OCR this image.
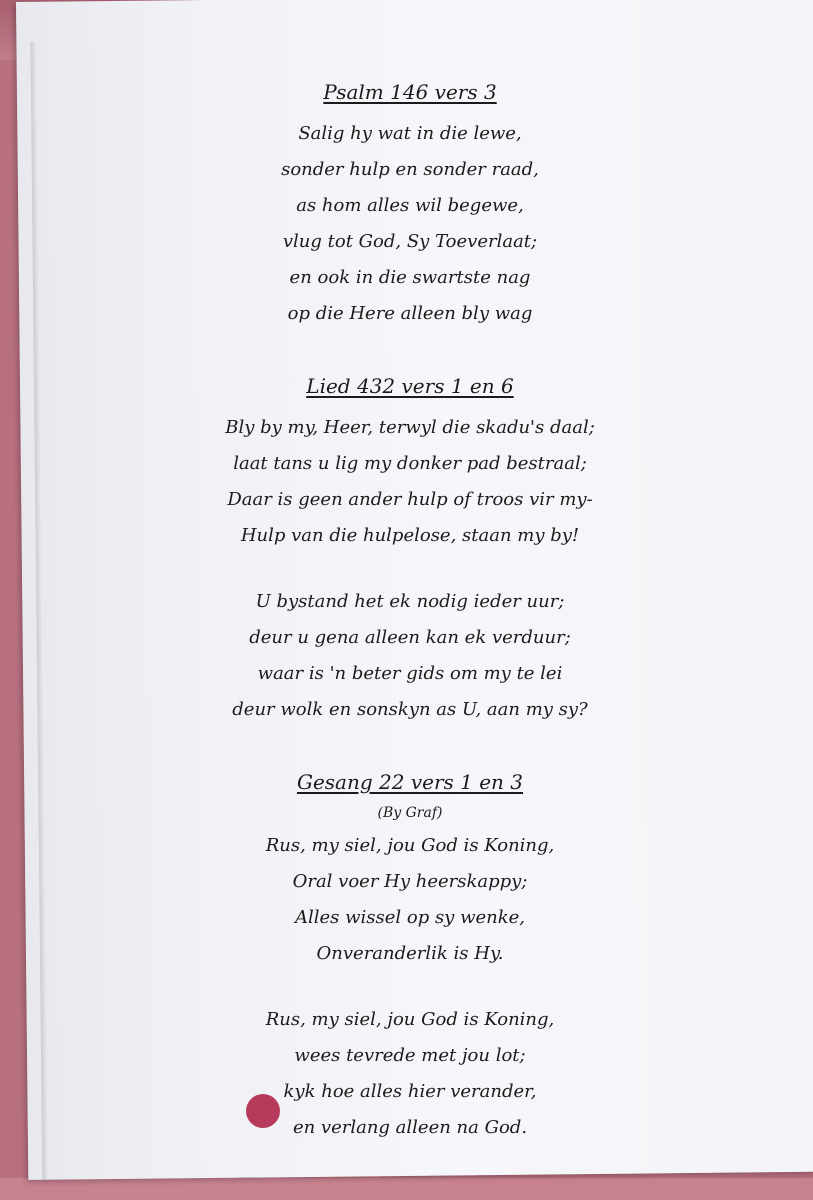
Psalm 146 vers 3
Salig hy wat in die lewe,
sonder hulp en sonder raad,
as hom alles wil begewe,
vlug tot God, Sy Toeverlaat;
en ook in die swartste nag
op die Here alleen bly wag
Lied 432 vers 1 en 6
Bly by my, Heer, terwyl die skadu's daal;
laat tans u lig my donker pad bestraal;
Daar is geen ander hulp of troos vir my-
Hulp van die hulpelose, staan my by!
U bystand het ek nodig ieder uur;
deur u gena alleen kan ek verduur;
waar is 'n beter gids om my te lei
deur wolk en sonskyn as U, aan my sy?
Gesang 22 vers 1 en 3
(By Graf)
Rus, my siel, jou God is Koning,
Oral voer Hy heerskappy;
Alles wissel op sy wenke,
Onveranderlik is Hy.
Rus, my siel, jou God is Koning,
wees tevrede met jou lot;
kyk hoe alles hier verander,
en verlang alleen na God.
